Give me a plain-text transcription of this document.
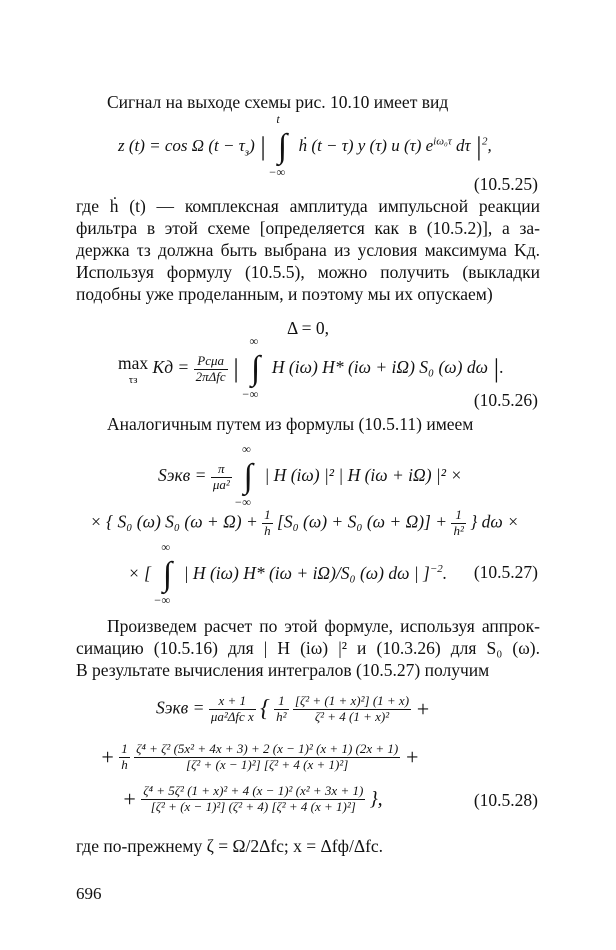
Сигнал на выходе схемы рис. 10.10 имеет вид
z (t) = cos Ω $(t - \tau_з)$ | ∫
t
−∞
ḣ (t − τ) y (τ) u (τ) $e^{i\omega_0\tau}$ dτ $|^2$,
(10.5.25)
где ḣ (t) — комплексная амплитуда импульсной реакции
фильтра в этой схеме [определяется как в (10.5.2)], а за-
держка τз должна быть выбрана из условия максимума Kд.
Используя формулу (10.5.5), можно получить (выкладки
подобны уже проделанным, и поэтому мы их опускаем)
Δ = 0,
max
τз
Kд = $\frac{\text{Pcμa}}{\text{2πΔfc}}$ | ∫
∞
−∞
H (iω) H* (iω + iΩ) S₀ (ω) dω |.
(10.5.26)
Аналогичным путем из формулы (10.5.11) имеем
Sэкв = $\frac{\pi}{\text{μa²}}$ ∫
∞
−∞
| H (iω) |² | H (iω + iΩ) |² ×
× { S₀ (ω) S₀ $(\omega + \Omega) + \frac{1}{h} [S_0$ (ω) + S₀ $(\omega + \Omega)] + \frac{1}{\text{h²}}$ } dω ×
× [ ∫
∞
−∞
| H (iω) H* (iω + iΩ)/S₀ (ω) dω | ]$^{-2}$. (10.5.27)
Произведем расчет по этой формуле, используя аппрок-
симацию (10.5.16) для | H (iω) |² и (10.3.26) для S₀ (ω).
В результате вычисления интегралов (10.5.27) получим
Sэкв = $\frac{x + 1}{\text{μa²Δfc x}}$ { $\frac{1}{\text{h²}}$
$\frac{\text{[ζ² + (1 + x)²] (1 + x)}}{\text{ζ² + 4 (1 + x)²}}$ +
+ $\frac{1}{h}$
$\frac{\text{ζ⁴ + ζ² (5x² + 4x + 3) + 2 (x − 1)² (x + 1) (2x + 1)}}{\text{[ζ² + (x − 1)²] [ζ² + 4 (x + 1)²]}}$ +
+ $\frac{\text{ζ⁴ + 5ζ² (1 + x)² + 4 (x − 1)² (x² + 3x + 1)}}{\text{[ζ² + (x − 1)²] (ζ² + 4) [ζ² + 4 (x + 1)²]}}$ },	(10.5.28)
где по-прежнему ζ = Ω/2Δfc; x = Δfф/Δfc.
696
